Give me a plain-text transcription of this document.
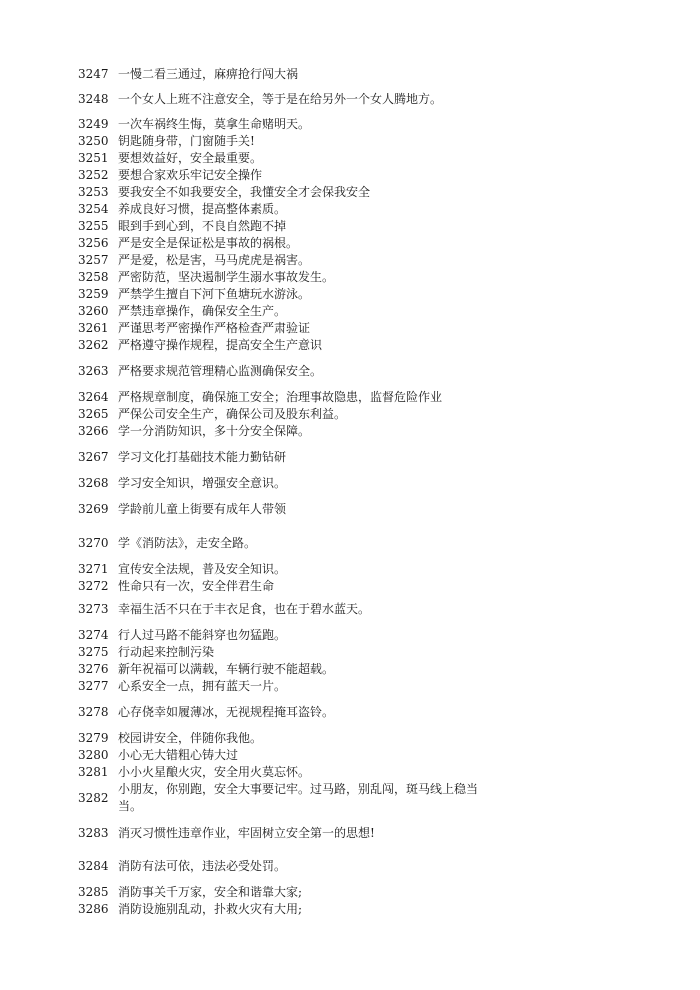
3247 一慢二看三通过，麻痹抢行闯大祸
3248 一个女人上班不注意安全，等于是在给另外一个女人腾地方。
3249 一次车祸终生悔，莫拿生命赌明天。
3250 钥匙随身带，门窗随手关!
3251 要想效益好，安全最重要。
3252 要想合家欢乐牢记安全操作
3253 要我安全不如我要安全，我懂安全才会保我安全
3254 养成良好习惯，提高整体素质。
3255 眼到手到心到，不良自然跑不掉
3256 严是安全是保证松是事故的祸根。
3257 严是爱，松是害，马马虎虎是祸害。
3258 严密防范，坚决遏制学生溺水事故发生。
3259 严禁学生擅自下河下鱼塘玩水游泳。
3260 严禁违章操作，确保安全生产。
3261 严谨思考严密操作严格检查严肃验证
3262 严格遵守操作规程，提高安全生产意识
3263 严格要求规范管理精心监测确保安全。
3264 严格规章制度，确保施工安全；治理事故隐患，监督危险作业
3265 严保公司安全生产，确保公司及股东利益。
3266 学一分消防知识，多十分安全保障。
3267 学习文化打基础技术能力勤钻研
3268 学习安全知识，增强安全意识。
3269 学龄前儿童上街要有成年人带领
3270 学《消防法》，走安全路。
3271 宣传安全法规，普及安全知识。
3272 性命只有一次，安全伴君生命
3273 幸福生活不只在于丰衣足食，也在于碧水蓝天。
3274 行人过马路不能斜穿也勿猛跑。
3275 行动起来控制污染
3276 新年祝福可以满载，车辆行驶不能超载。
3277 心系安全一点，拥有蓝天一片。
3278 心存侥幸如履薄冰，无视规程掩耳盗铃。
3279 校园讲安全，伴随你我他。
3280 小心无大错粗心铸大过
3281 小小火星酿火灾，安全用火莫忘怀。
3282
小朋友，你别跑，安全大事要记牢。过马路，别乱闯，斑马线上稳当当。
3283 消灭习惯性违章作业，牢固树立安全第一的思想!
3284 消防有法可依，违法必受处罚。
3285 消防事关千万家，安全和谐靠大家;
3286 消防设施别乱动，扑救火灾有大用;
